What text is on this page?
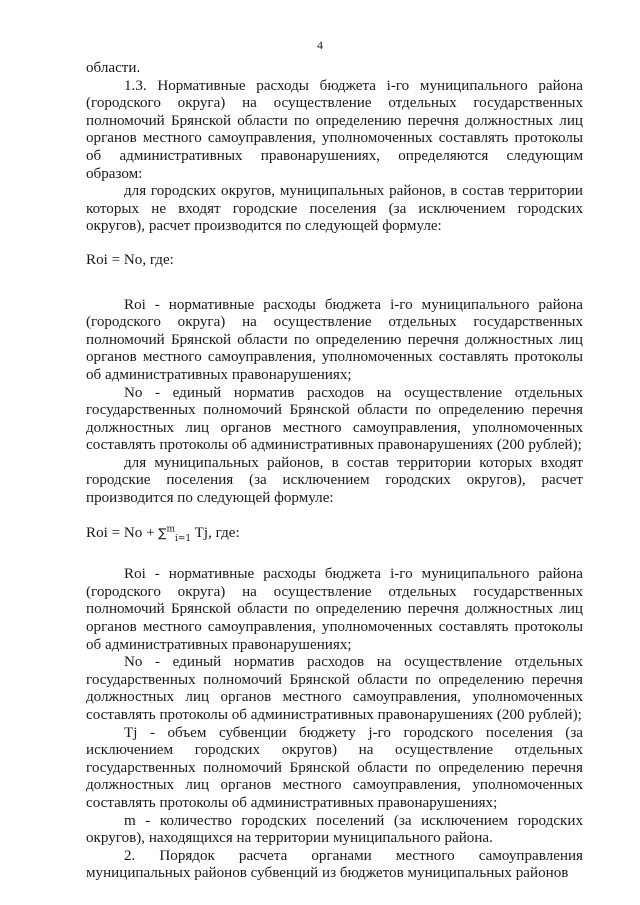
4

области.

1.3. Нормативные расходы бюджета i-го муниципального района (городского округа) на осуществление отдельных государственных полномочий Брянской области по определению перечня должностных лиц органов местного самоуправления, уполномоченных составлять протоколы об административных правонарушениях, определяются следующим образом:

для городских округов, муниципальных районов, в состав территории которых не входят городские поселения (за исключением городских округов), расчет производится по следующей формуле:

Roi = No, где:

Roi - нормативные расходы бюджета i-го муниципального района (городского округа) на осуществление отдельных государственных полномочий Брянской области по определению перечня должностных лиц органов местного самоуправления, уполномоченных составлять протоколы об административных правонарушениях;

No - единый норматив расходов на осуществление отдельных государственных полномочий Брянской области по определению перечня должностных лиц органов местного самоуправления, уполномоченных составлять протоколы об административных правонарушениях (200 рублей);

для муниципальных районов, в состав территории которых входят городские поселения (за исключением городских округов), расчет производится по следующей формуле:

Roi = No + ∑$^m_{i=1}$ Tj, где:

Roi - нормативные расходы бюджета i-го муниципального района (городского округа) на осуществление отдельных государственных полномочий Брянской области по определению перечня должностных лиц органов местного самоуправления, уполномоченных составлять протоколы об административных правонарушениях;

No - единый норматив расходов на осуществление отдельных государственных полномочий Брянской области по определению перечня должностных лиц органов местного самоуправления, уполномоченных составлять протоколы об административных правонарушениях (200 рублей);

Tj - объем субвенции бюджету j-го городского поселения (за исключением городских округов) на осуществление отдельных государственных полномочий Брянской области по определению перечня должностных лиц органов местного самоуправления, уполномоченных составлять протоколы об административных правонарушениях;

m - количество городских поселений (за исключением городских округов), находящихся на территории муниципального района.

2. Порядок расчета органами местного самоуправления муниципальных районов субвенций из бюджетов муниципальных районов
